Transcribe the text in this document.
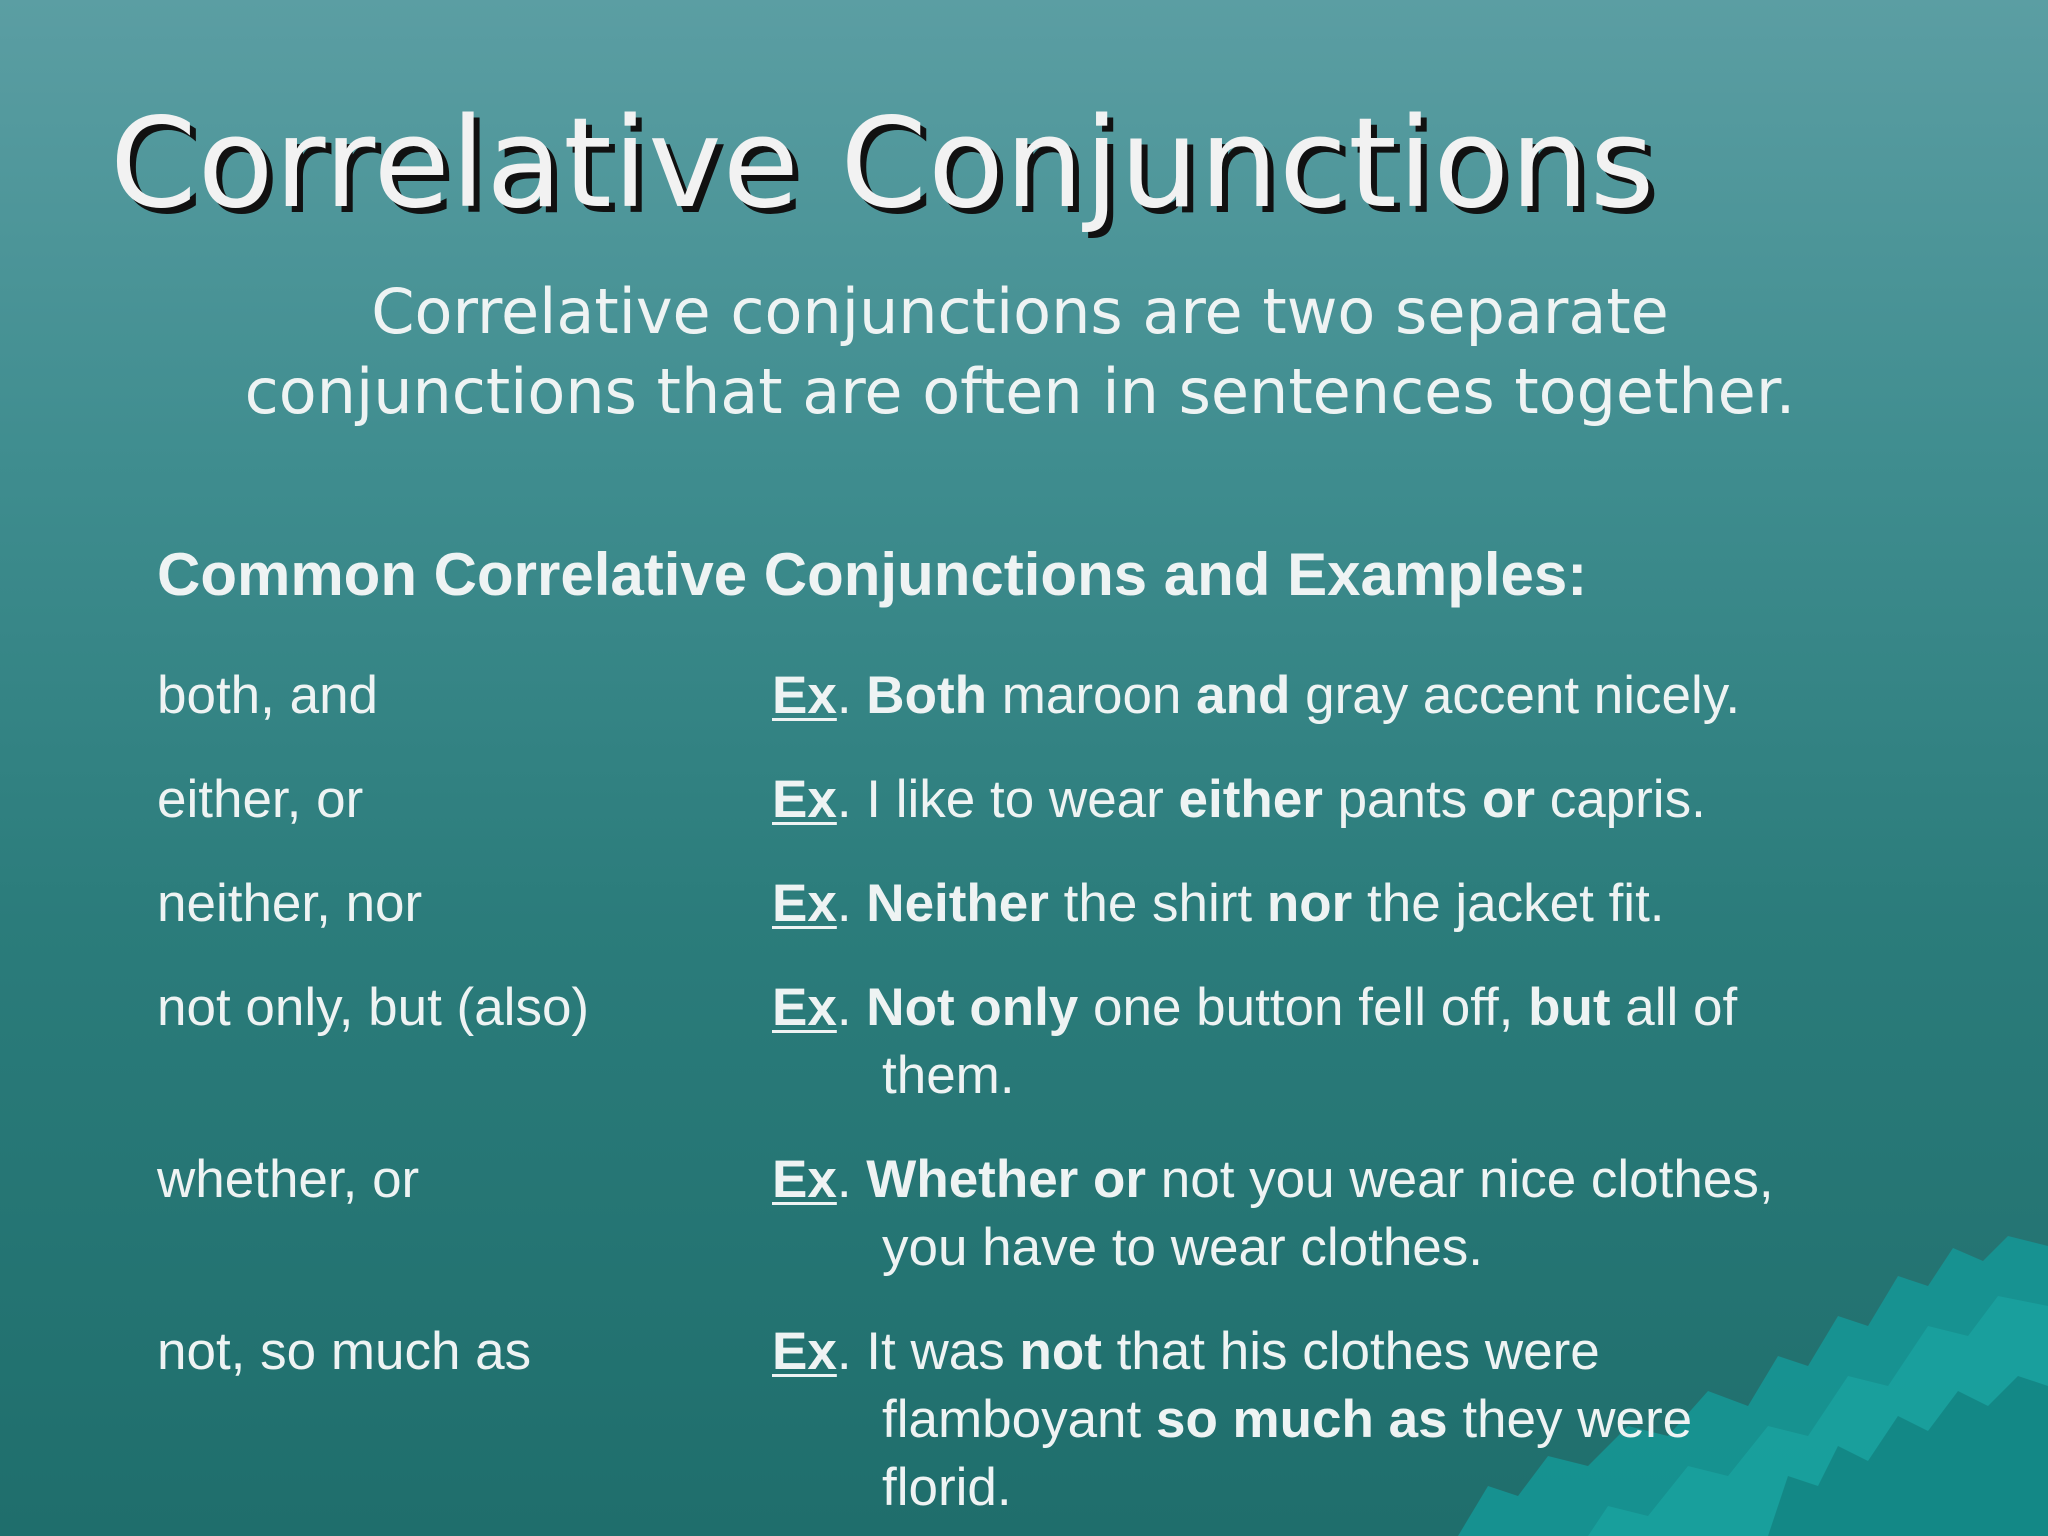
Correlative Conjunctions

Correlative conjunctions are two separate
conjunctions that are often in sentences together.

Common Correlative Conjunctions and Examples:
both, and	Ex. Both maroon and gray accent nicely.
either, or	Ex. I like to wear either pants or capris.
neither, nor	Ex. Neither the shirt nor the jacket fit.
not only, but (also)	Ex. Not only one button fell off, but all of
them.
whether, or	Ex. Whether or not you wear nice clothes,
you have to wear clothes.
not, so much as	Ex. It was not that his clothes were
flamboyant so much as they were
florid.
